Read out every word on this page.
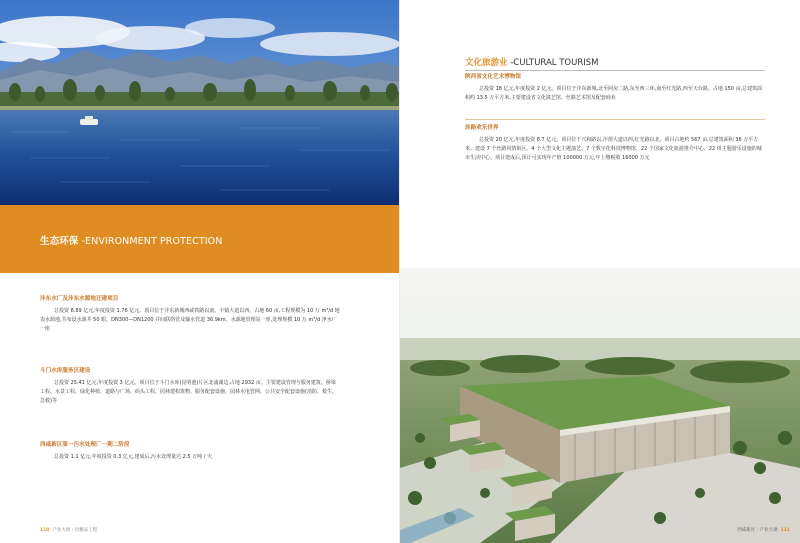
生态环保 -ENVIRONMENT PROTECTION

沣东水厂及沣东水源地迁建项目

总投资 8.89 亿元,年度投资 1.76 亿元。项目位于沣东新城西咸铁路以南、丰镇大道以西。占地 60 亩,工程规模为 10 万 m³/d 地表水源地,共布设水源井 50 眼、DN300—DN1200 并间联络管及输水管道 36.9km、水源地管理站一座,处理规模 10 万 m³/d 净水厂一座

斗门水库服务区建设

总投资 25.41 亿元,年度投资 3 亿元。项目位于斗门水库(昆明池)片区北浦湖边,占地 2932 亩。主要建设管理与服务建筑、桥梁工程、水景工程、绿化种植、道路与广场、码头工程、园林建构筑物、服务配套设施、园林水电管网、公共安全配套设施(消防、救生、急救)等

西咸新区第一污水处理厂一期二阶段

总投资 1.1 亿元,年度投资 0.3 亿元,建成后,污水处理量达 2.5 万吨 / 天

110 产业大项 · 出精品工程
文化旅游业 -CULTURAL TOURISM

陕西省文化艺术博物馆

总投资 18 亿元,年度投资 2 亿元。项目位于沣东新城,北至阿房二路,东至西三环,南至红光路,西至天台路。占地 150 亩,总建筑面积约 13.5 万平方米,主要建设省文化演艺馆、丝路艺术馆及配套商业

丝路欢乐世界

总投资 20 亿元,年度投资 8.7 亿元。项目位于兴和路以,沣渭大道以西,红光路以北。项目占地约 567 亩,总建筑面积 36 万平方米。建设 7 个丝路风情街区、4 个大型文化主题演艺、7 个数字化科技博物馆、22 个国家文化旅游推介中心、22 组主题游乐设施的城市生活中心。项目建成后,预计可实现年产值 100000 万元,年上缴税收 16000 万元

西咸新区 · 产业大项 111
